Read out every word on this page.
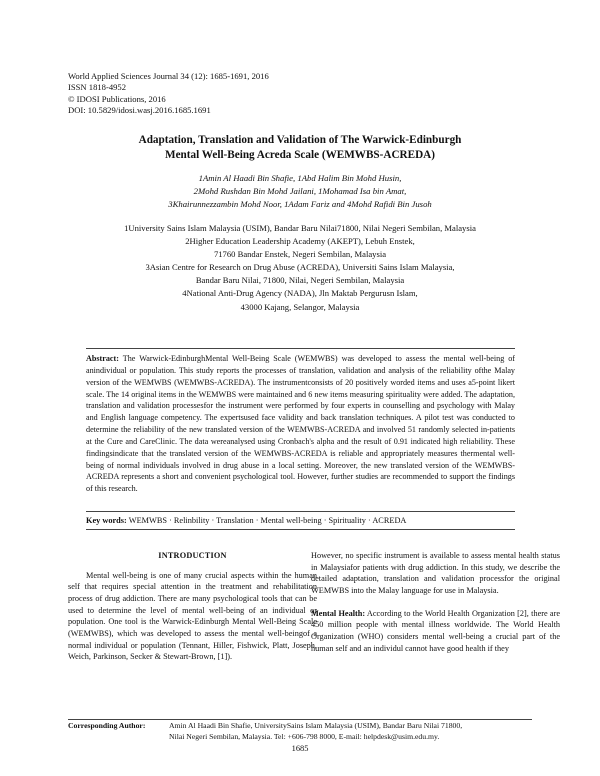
World Applied Sciences Journal 34 (12): 1685-1691, 2016
ISSN 1818-4952
© IDOSI Publications, 2016
DOI: 10.5829/idosi.wasj.2016.1685.1691
Adaptation, Translation and Validation of The Warwick-Edinburgh
Mental Well-Being Acreda Scale (WEMWBS-ACREDA)
1Amin Al Haadi Bin Shafie, 1Abd Halim Bin Mohd Husin,
2Mohd Rushdan Bin Mohd Jailani, 1Mohamad Isa bin Amat,
3Khairunnezzambin Mohd Noor, 1Adam Fariz and 4Mohd Rafidi Bin Jusoh
1University Sains Islam Malaysia (USIM), Bandar Baru Nilai71800, Nilai Negeri Sembilan, Malaysia
2Higher Education Leadership Academy (AKEPT), Lebuh Enstek,
71760 Bandar Enstek, Negeri Sembilan, Malaysia
3Asian Centre for Research on Drug Abuse (ACREDA), Universiti Sains Islam Malaysia,
Bandar Baru Nilai, 71800, Nilai, Negeri Sembilan, Malaysia
4National Anti-Drug Agency (NADA), Jln Maktab Pergurusn Islam,
43000 Kajang, Selangor, Malaysia
Abstract: The Warwick-EdinburghMental Well-Being Scale (WEMWBS) was developed to assess the mental well-being of anindividual or population. This study reports the processes of translation, validation and analysis of the reliability ofthe Malay version of the WEMWBS (WEMWBS-ACREDA). The instrumentconsists of 20 positively worded items and uses a5-point likert scale. The 14 original items in the WEMWBS were maintained and 6 new items measuring spirituality were added. The adaptation, translation and validation processesfor the instrument were performed by four experts in counselling and psychology with Malay and English language competency. The expertsused face validity and back translation techniques. A pilot test was conducted to determine the reliability of the new translated version of the WEMWBS-ACREDA and involved 51 randomly selected in-patients at the Cure and CareClinic. The data wereanalysed using Cronbach's alpha and the result of 0.91 indicated high reliability. These findingsindicate that the translated version of the WEMWBS-ACREDA is reliable and appropriately measures thermental well-being of normal individuals involved in drug abuse in a local setting. Moreover, the new translated version of the WEMWBS-ACREDA represents a short and convenient psychological tool. However, further studies are recommended to support the findings of this research.
Key words: WEMWBS · Relinbility · Translation · Mental well-being · Spirituality · ACREDA

INTRODUCTION

Mental well-being is one of many crucial aspects within the human self that requires special attention in the treatment and rehabilitation process of drug addiction. There are many psychological tools that can be used to determine the level of mental well-being of an individual or population. One tool is the Warwick-Edinburgh Mental Well-Being Scale (WEMWBS), which was developed to assess the mental well-beingof a normal individual or population (Tennant, Hiller, Fishwick, Platt, Joseph, Weich, Parkinson, Secker & Stewart-Brown, [1]).

However, no specific instrument is available to assess mental health status in Malaysiafor patients with drug addiction. In this study, we describe the detailed adaptation, translation and validation processfor the original WEMWBS into the Malay language for use in Malaysia.

Mental Health: According to the World Health Organization [2], there are 450 million people with mental illness worldwide. The World Health Organization (WHO) considers mental well-being a crucial part of the human self and an individul cannot have good health if they

Corresponding Author:	Amin Al Haadi Bin Shafie, UniversitySains Islam Malaysia (USIM), Bandar Baru Nilai 71800,
Nilai Negeri Sembilan, Malaysia. Tel: +606-798 8000, E-mail: helpdesk@usim.edu.my.
1685
